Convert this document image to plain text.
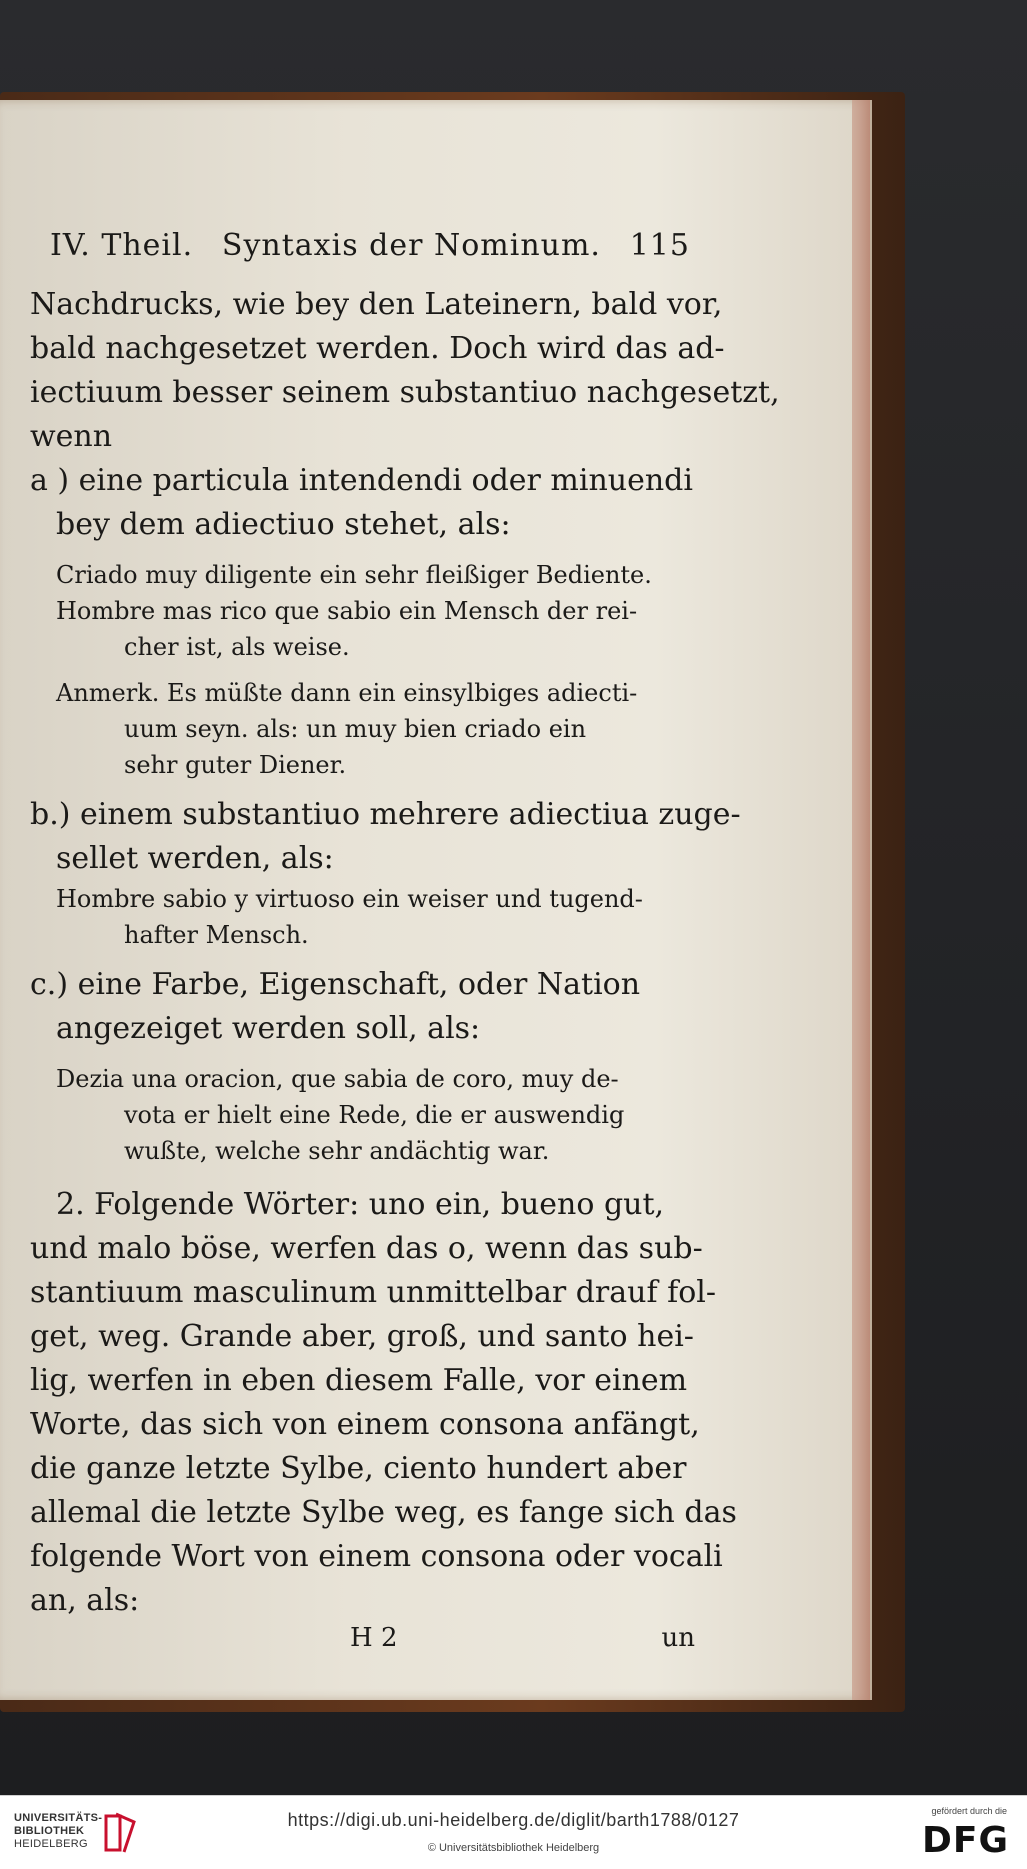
IV. Theil. Syntaxis der Nominum. 115
Nachdrucks, wie bey den Lateinern, bald vor,
bald nachgesetzet werden. Doch wird das ad-
iectiuum besser seinem substantiuo nachgesetzt,
wenn
a ) eine particula intendendi oder minuendi
bey dem adiectiuo stehet, als:
Criado muy diligente ein sehr fleißiger Bediente.
Hombre mas rico que sabio ein Mensch der rei-
cher ist, als weise.
Anmerk. Es müßte dann ein einsylbiges adiecti-
uum seyn. als: un muy bien criado ein
sehr guter Diener.
b.) einem substantiuo mehrere adiectiua zuge-
sellet werden, als:
Hombre sabio y virtuoso ein weiser und tugend-
hafter Mensch.
c.) eine Farbe, Eigenschaft, oder Nation
angezeiget werden soll, als:
Dezia una oracion, que sabia de coro, muy de-
vota er hielt eine Rede, die er auswendig
wußte, welche sehr andächtig war.
2. Folgende Wörter: uno ein, bueno gut,
und malo böse, werfen das o, wenn das sub-
stantiuum masculinum unmittelbar drauf fol-
get, weg. Grande aber, groß, und santo hei-
lig, werfen in eben diesem Falle, vor einem
Worte, das sich von einem consona anfängt,
die ganze letzte Sylbe, ciento hundert aber
allemal die letzte Sylbe weg, es fange sich das
folgende Wort von einem consona oder vocali
an, als:
H 2	un
UNIVERSITÄTS-
BIBLIOTHEK
HEIDELBERG
https://digi.ub.uni-heidelberg.de/diglit/barth1788/0127
© Universitätsbibliothek Heidelberg
gefördert durch die
DFG
